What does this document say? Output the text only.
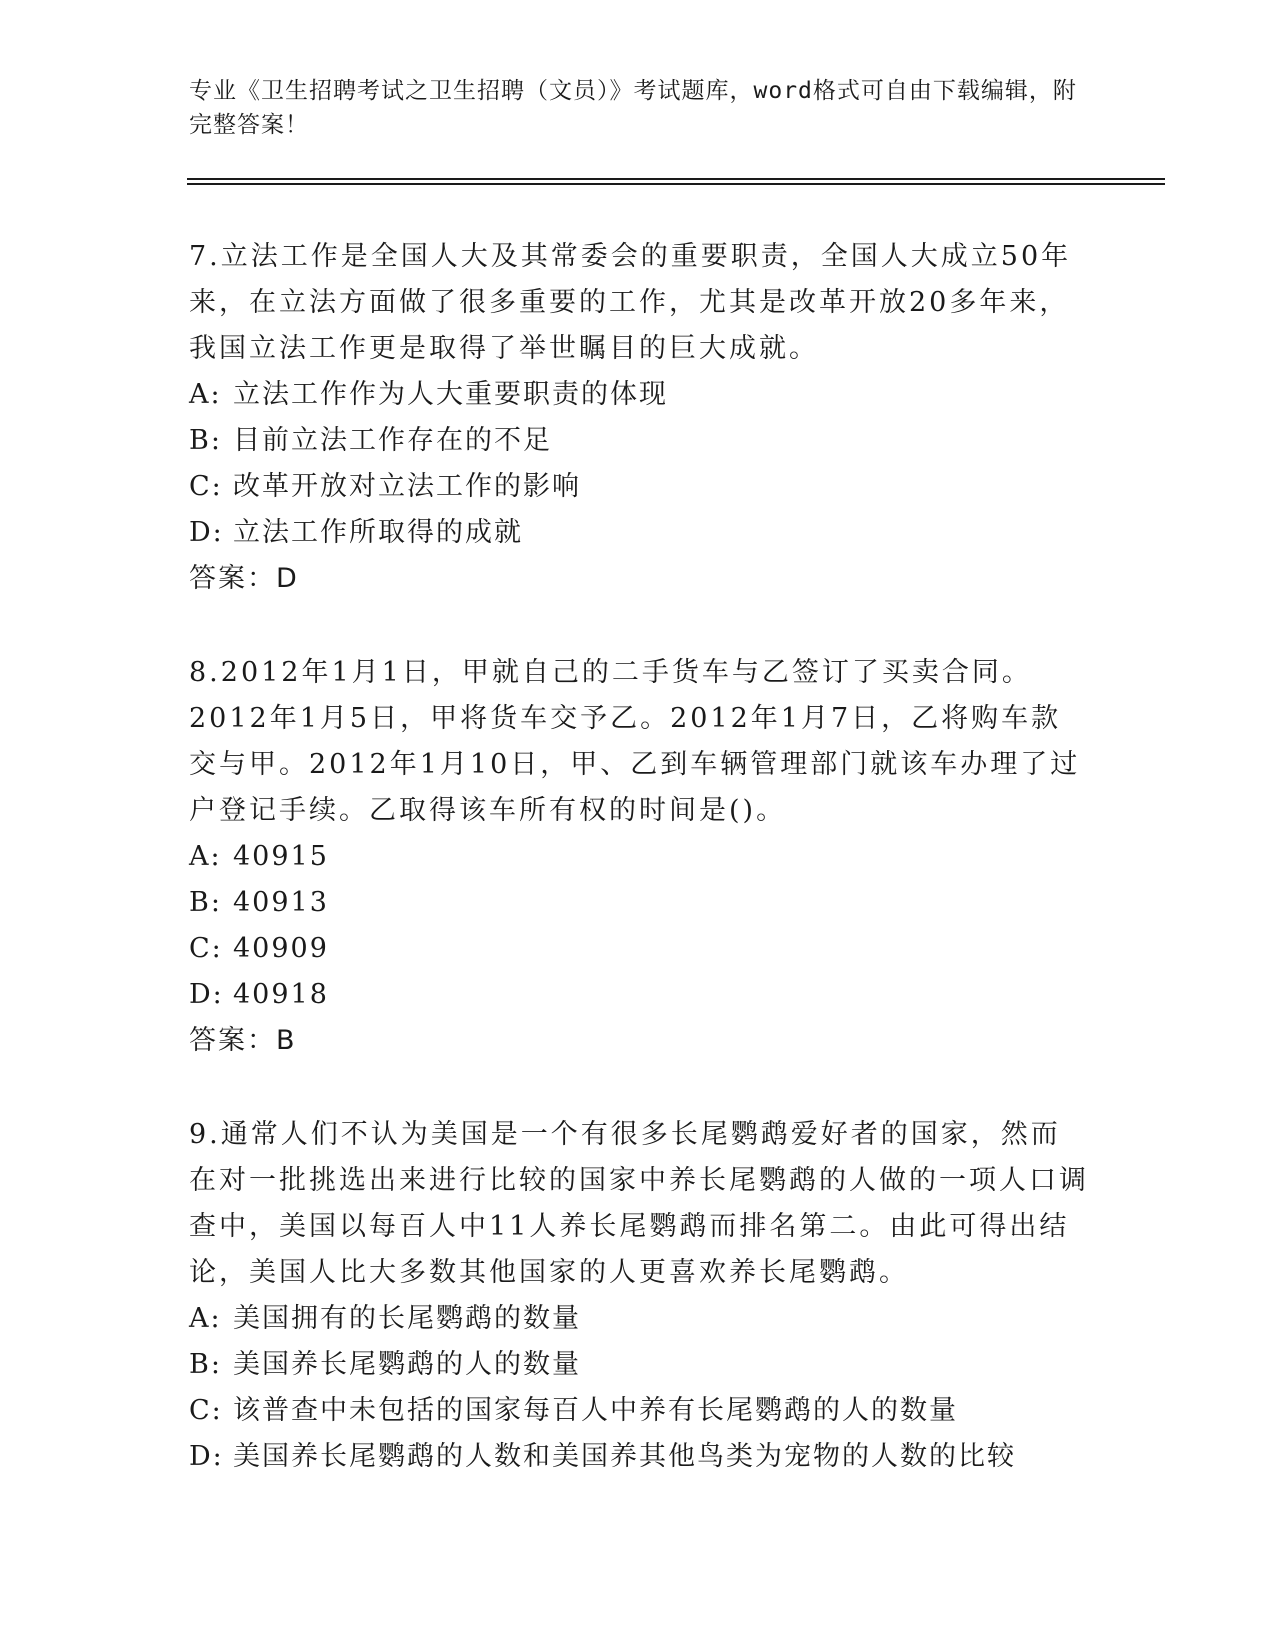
专业《卫生招聘考试之卫生招聘（文员）》考试题库，word格式可自由下载编辑，附完整答案！
7.立法工作是全国人大及其常委会的重要职责，全国人大成立50年来，在立法方面做了很多重要的工作，尤其是改革开放20多年来，我国立法工作更是取得了举世瞩目的巨大成就。
A: 立法工作作为人大重要职责的体现
B: 目前立法工作存在的不足
C: 改革开放对立法工作的影响
D: 立法工作所取得的成就
答案：D
8.2012年1月1日，甲就自己的二手货车与乙签订了买卖合同。2012年1月5日，甲将货车交予乙。2012年1月7日，乙将购车款交与甲。2012年1月10日，甲、乙到车辆管理部门就该车办理了过户登记手续。乙取得该车所有权的时间是()。
A: 40915
B: 40913
C: 40909
D: 40918
答案：B
9.通常人们不认为美国是一个有很多长尾鹦鹉爱好者的国家，然而在对一批挑选出来进行比较的国家中养长尾鹦鹉的人做的一项人口调查中，美国以每百人中11人养长尾鹦鹉而排名第二。由此可得出结论，美国人比大多数其他国家的人更喜欢养长尾鹦鹉。
A: 美国拥有的长尾鹦鹉的数量
B: 美国养长尾鹦鹉的人的数量
C: 该普查中未包括的国家每百人中养有长尾鹦鹉的人的数量
D: 美国养长尾鹦鹉的人数和美国养其他鸟类为宠物的人数的比较
